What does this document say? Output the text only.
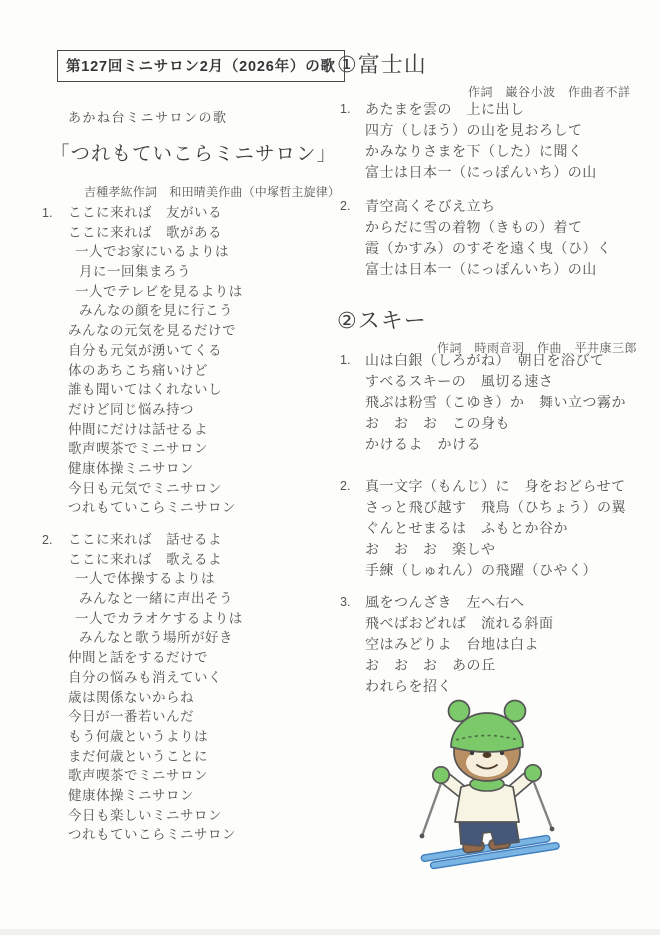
第127回ミニサロン2月（2026年）の歌
あかね台ミニサロンの歌
「つれもていこらミニサロン」
吉種孝紘作詞　和田晴美作曲（中塚哲主旋律）
1. ここに来れば　友がいる
ここに来れば　歌がある
一人でお家にいるよりは
月に一回集まろう
一人でテレビを見るよりは
みんなの顔を見に行こう
みんなの元気を見るだけで
自分も元気が湧いてくる
体のあちこち痛いけど
誰も聞いてはくれないし
だけど同じ悩み持つ
仲間にだけは話せるよ
歌声喫茶でミニサロン
健康体操ミニサロン
今日も元気でミニサロン
つれもていこらミニサロン
2. ここに来れば　話せるよ
ここに来れば　歌えるよ
一人で体操するよりは
みんなと一緒に声出そう
一人でカラオケするよりは
みんなと歌う場所が好き
仲間と話をするだけで
自分の悩みも消えていく
歳は関係ないからね
今日が一番若いんだ
もう何歳というよりは
まだ何歳ということに
歌声喫茶でミニサロン
健康体操ミニサロン
今日も楽しいミニサロン
つれもていこらミニサロン
①富士山
作詞　巌谷小波　作曲者不詳
1. あたまを雲の　上に出し
四方（しほう）の山を見おろして
かみなりさまを下（した）に聞く
富士は日本一（にっぽんいち）の山
2. 青空高くそびえ立ち
からだに雪の着物（きもの）着て
霞（かすみ）のすそを遠く曳（ひ）く
富士は日本一（にっぽんいち）の山
②スキー
作詞　時雨音羽　作曲　平井康三郎
1. 山は白銀（しろがね）　朝日を浴びて
すべるスキーの　風切る速さ
飛ぶは粉雪（こゆき）か　舞い立つ霧か
お　お　お　この身も
かけるよ　かける
2. 真一文字（もんじ）に　身をおどらせて
さっと飛び越す　飛鳥（ひちょう）の翼
ぐんとせまるは　ふもとか谷か
お　お　お　楽しや
手練（しゅれん）の飛躍（ひやく）
3. 風をつんざき　左へ右へ
飛べばおどれば　流れる斜面
空はみどりよ　台地は白よ
お　お　お　あの丘
われらを招く
